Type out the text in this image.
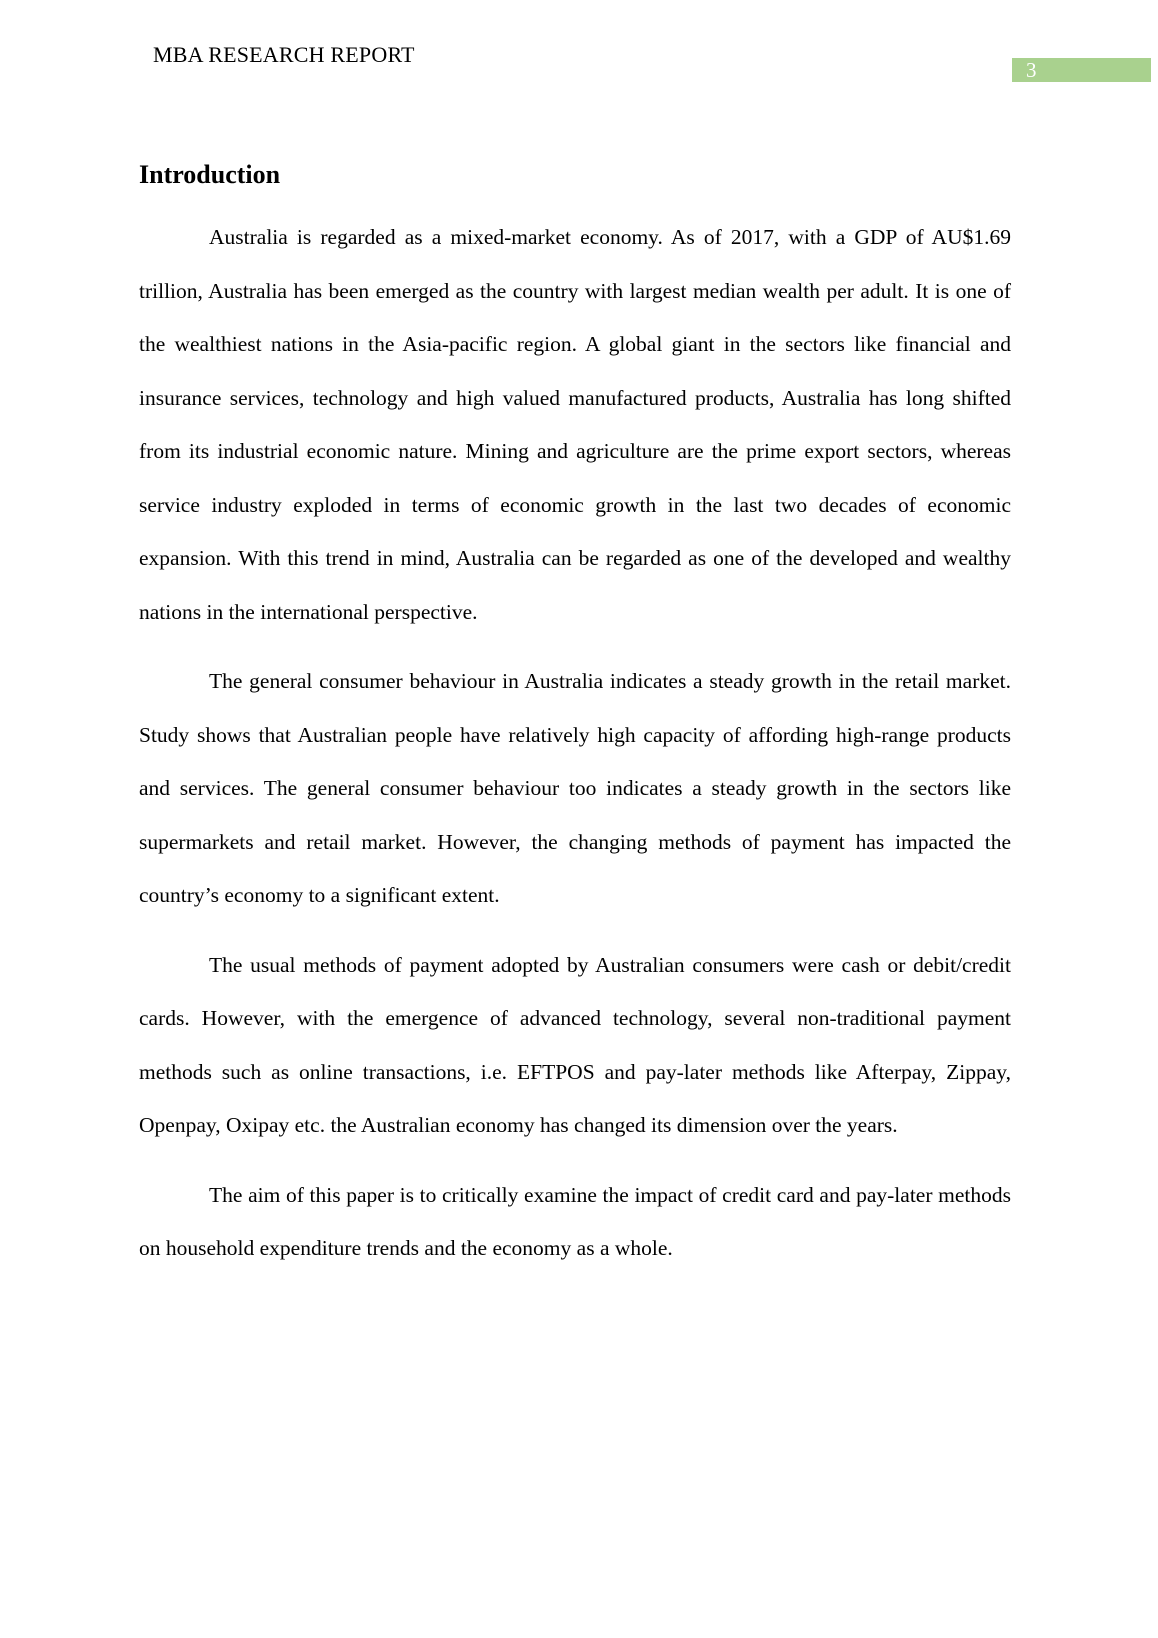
MBA RESEARCH REPORT
3
Introduction

Australia is regarded as a mixed-market economy. As of 2017, with a GDP of AU$1.69 trillion, Australia has been emerged as the country with largest median wealth per adult. It is one of the wealthiest nations in the Asia-pacific region. A global giant in the sectors like financial and insurance services, technology and high valued manufactured products, Australia has long shifted from its industrial economic nature. Mining and agriculture are the prime export sectors, whereas service industry exploded in terms of economic growth in the last two decades of economic expansion. With this trend in mind, Australia can be regarded as one of the developed and wealthy nations in the international perspective.

The general consumer behaviour in Australia indicates a steady growth in the retail market. Study shows that Australian people have relatively high capacity of affording high-range products and services. The general consumer behaviour too indicates a steady growth in the sectors like supermarkets and retail market. However, the changing methods of payment has impacted the country’s economy to a significant extent.

The usual methods of payment adopted by Australian consumers were cash or debit/credit cards. However, with the emergence of advanced technology, several non-traditional payment methods such as online transactions, i.e. EFTPOS and pay-later methods like Afterpay, Zippay, Openpay, Oxipay etc. the Australian economy has changed its dimension over the years.

The aim of this paper is to critically examine the impact of credit card and pay-later methods on household expenditure trends and the economy as a whole.
